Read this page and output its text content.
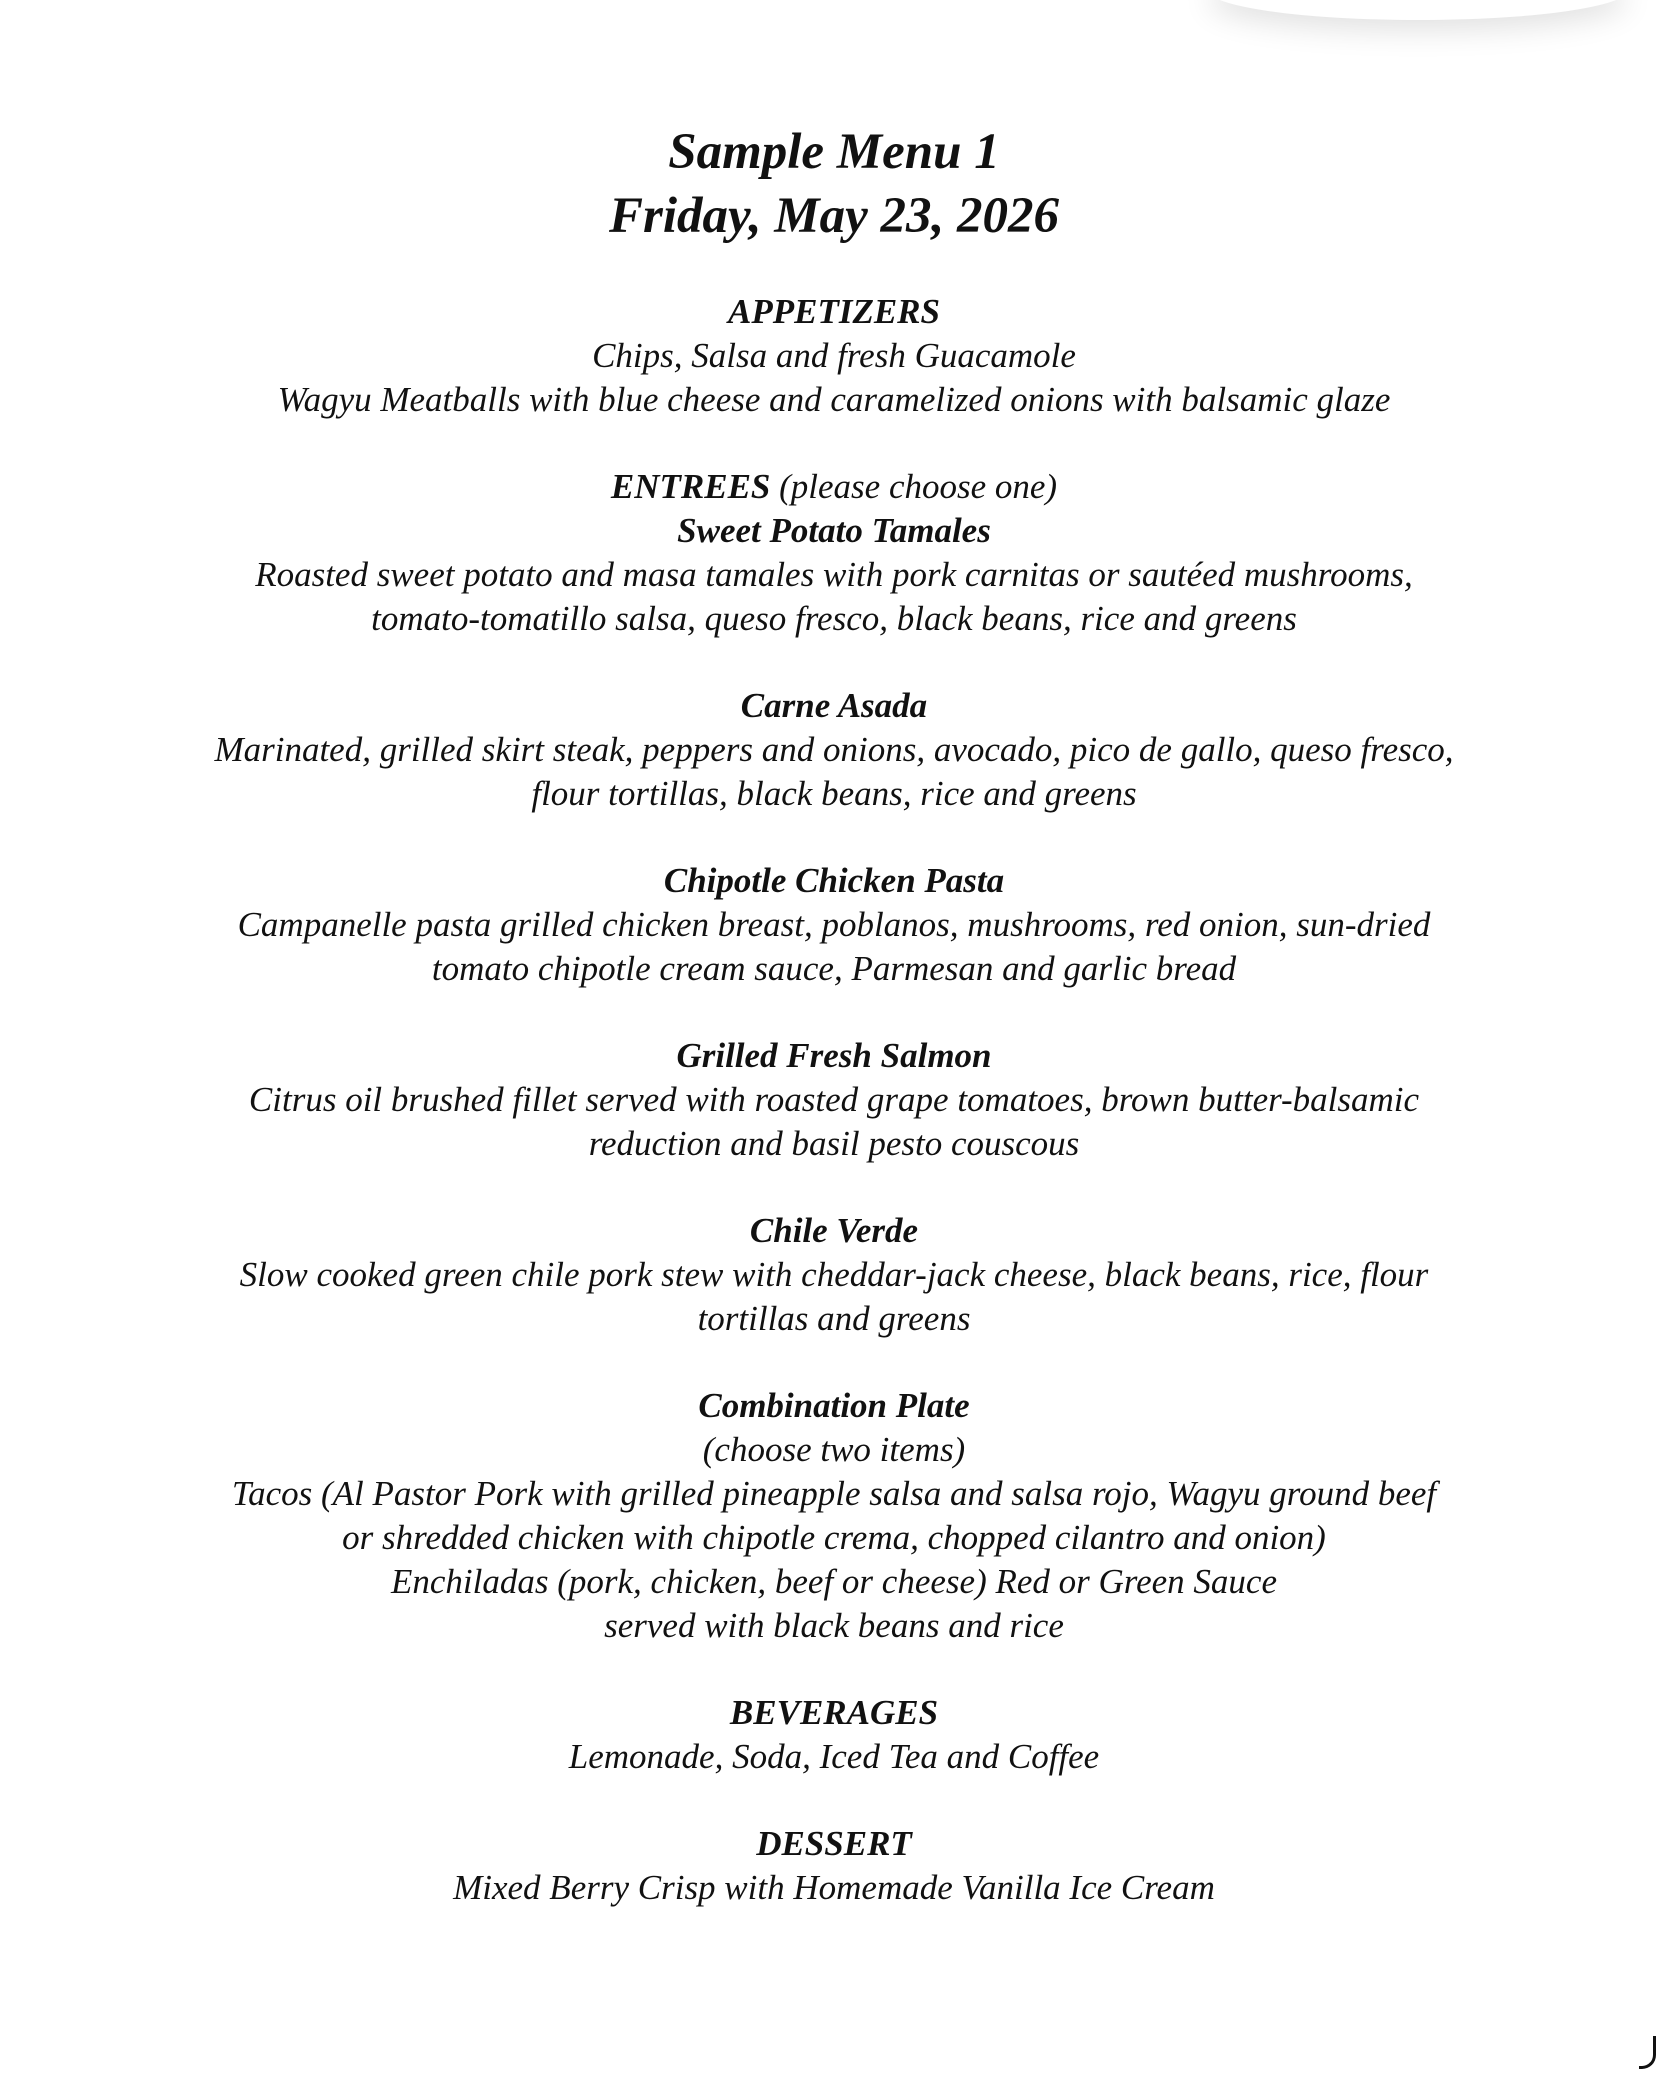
Sample Menu 1
Friday, May 23, 2026
APPETIZERS
Chips, Salsa and fresh Guacamole
Wagyu Meatballs with blue cheese and caramelized onions with balsamic glaze
ENTREES (please choose one)
Sweet Potato Tamales
Roasted sweet potato and masa tamales with pork carnitas or sautéed mushrooms,
tomato-tomatillo salsa, queso fresco, black beans, rice and greens
Carne Asada
Marinated, grilled skirt steak, peppers and onions, avocado, pico de gallo, queso fresco,
flour tortillas, black beans, rice and greens
Chipotle Chicken Pasta
Campanelle pasta grilled chicken breast, poblanos, mushrooms, red onion, sun-dried
tomato chipotle cream sauce, Parmesan and garlic bread
Grilled Fresh Salmon
Citrus oil brushed fillet served with roasted grape tomatoes, brown butter-balsamic
reduction and basil pesto couscous
Chile Verde
Slow cooked green chile pork stew with cheddar-jack cheese, black beans, rice, flour
tortillas and greens
Combination Plate
(choose two items)
Tacos (Al Pastor Pork with grilled pineapple salsa and salsa rojo, Wagyu ground beef
or shredded chicken with chipotle crema, chopped cilantro and onion)
Enchiladas (pork, chicken, beef or cheese) Red or Green Sauce
served with black beans and rice
BEVERAGES
Lemonade, Soda, Iced Tea and Coffee
DESSERT
Mixed Berry Crisp with Homemade Vanilla Ice Cream
